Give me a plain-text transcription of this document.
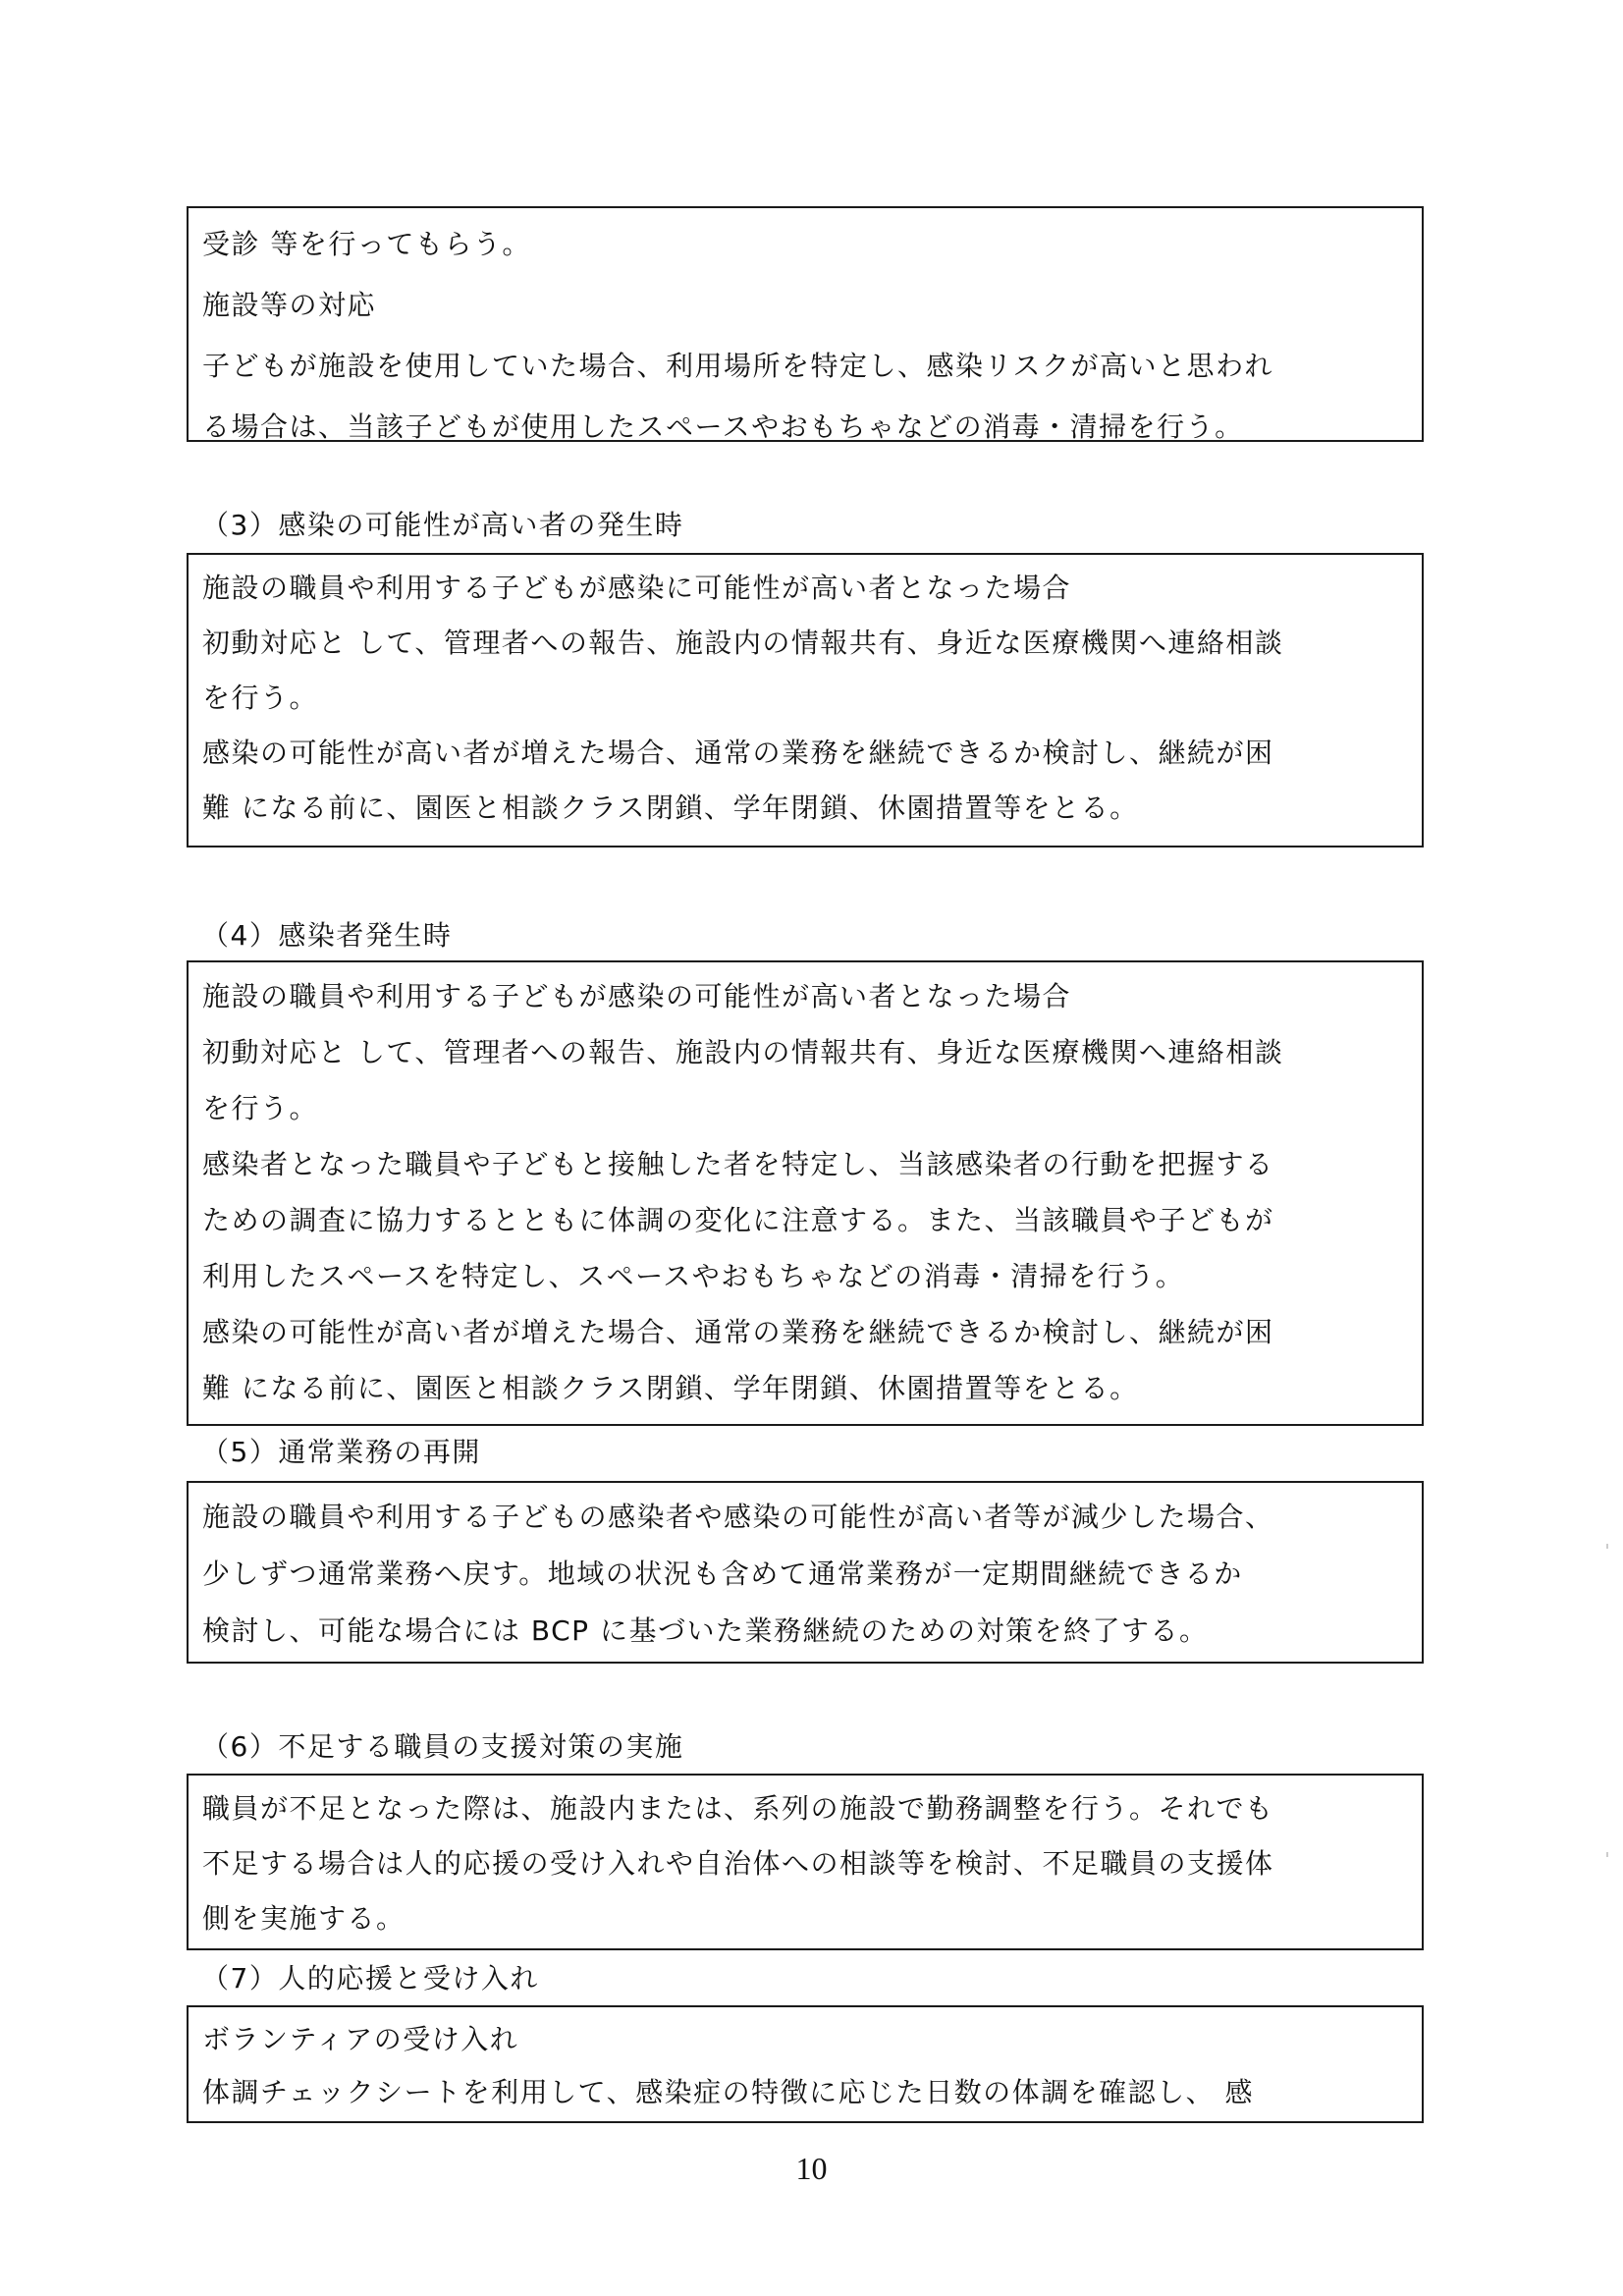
受診 等を行ってもらう。
施設等の対応
子どもが施設を使用していた場合、利用場所を特定し、感染リスクが高いと思われ
る場合は、当該子どもが使用したスペースやおもちゃなどの消毒・清掃を行う。
（3）感染の可能性が高い者の発生時
施設の職員や利用する子どもが感染に可能性が高い者となった場合
初動対応と して、管理者への報告、施設内の情報共有、身近な医療機関へ連絡相談
を行う。
感染の可能性が高い者が増えた場合、通常の業務を継続できるか検討し、継続が困
難 になる前に、園医と相談クラス閉鎖、学年閉鎖、休園措置等をとる。
（4）感染者発生時
施設の職員や利用する子どもが感染の可能性が高い者となった場合
初動対応と して、管理者への報告、施設内の情報共有、身近な医療機関へ連絡相談
を行う。
感染者となった職員や子どもと接触した者を特定し、当該感染者の行動を把握する
ための調査に協力するとともに体調の変化に注意する。また、当該職員や子どもが
利用したスペースを特定し、スペースやおもちゃなどの消毒・清掃を行う。
感染の可能性が高い者が増えた場合、通常の業務を継続できるか検討し、継続が困
難 になる前に、園医と相談クラス閉鎖、学年閉鎖、休園措置等をとる。
（5）通常業務の再開
施設の職員や利用する子どもの感染者や感染の可能性が高い者等が減少した場合、
少しずつ通常業務へ戻す。地域の状況も含めて通常業務が一定期間継続できるか
検討し、可能な場合には BCP に基づいた業務継続のための対策を終了する。
（6）不足する職員の支援対策の実施
職員が不足となった際は、施設内または、系列の施設で勤務調整を行う。それでも
不足する場合は人的応援の受け入れや自治体への相談等を検討、不足職員の支援体
側を実施する。
（7）人的応援と受け入れ
ボランティアの受け入れ
体調チェックシートを利用して、感染症の特徴に応じた日数の体調を確認し、 感
10
